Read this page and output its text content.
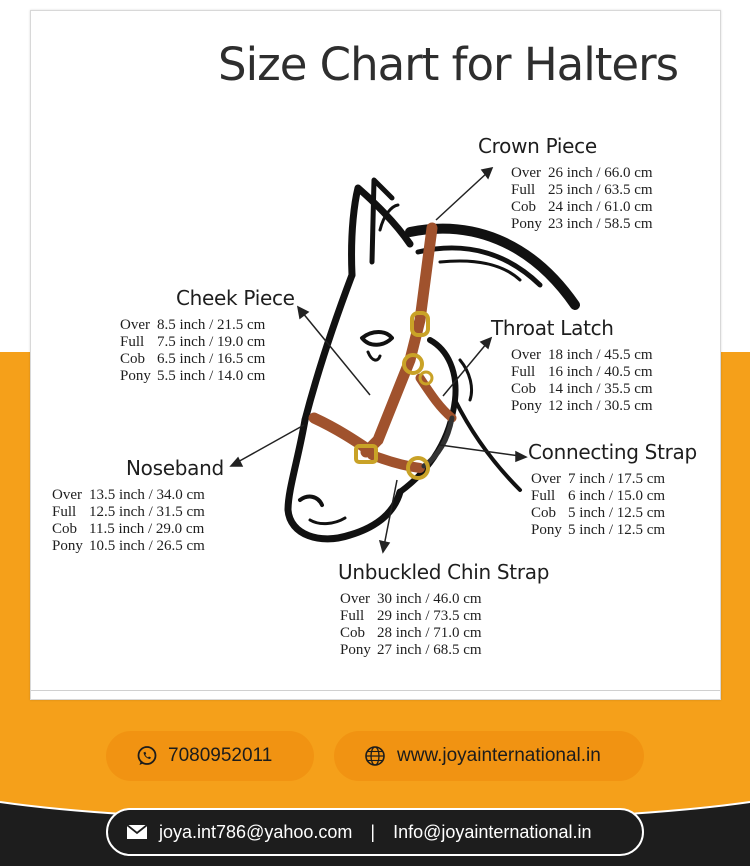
Size Chart for Halters
Crown Piece
Over 26 inch / 66.0 cm
Full 25 inch / 63.5 cm
Cob 24 inch / 61.0 cm
Pony 23 inch / 58.5 cm
Cheek Piece
Over 8.5 inch / 21.5 cm
Full 7.5 inch / 19.0 cm
Cob 6.5 inch / 16.5 cm
Pony 5.5 inch / 14.0 cm
Throat Latch
Over 18 inch / 45.5 cm
Full 16 inch / 40.5 cm
Cob 14 inch / 35.5 cm
Pony 12 inch / 30.5 cm
Noseband
Over 13.5 inch / 34.0 cm
Full 12.5 inch / 31.5 cm
Cob 11.5 inch / 29.0 cm
Pony 10.5 inch / 26.5 cm
Connecting Strap
Over 7 inch / 17.5 cm
Full 6 inch / 15.0 cm
Cob 5 inch / 12.5 cm
Pony 5 inch / 12.5 cm
Unbuckled Chin Strap
Over 30 inch / 46.0 cm
Full 29 inch / 73.5 cm
Cob 28 inch / 71.0 cm
Pony 27 inch / 68.5 cm
7080952011	www.joyainternational.in
joya.int786@yahoo.com | Info@joyainternational.in
